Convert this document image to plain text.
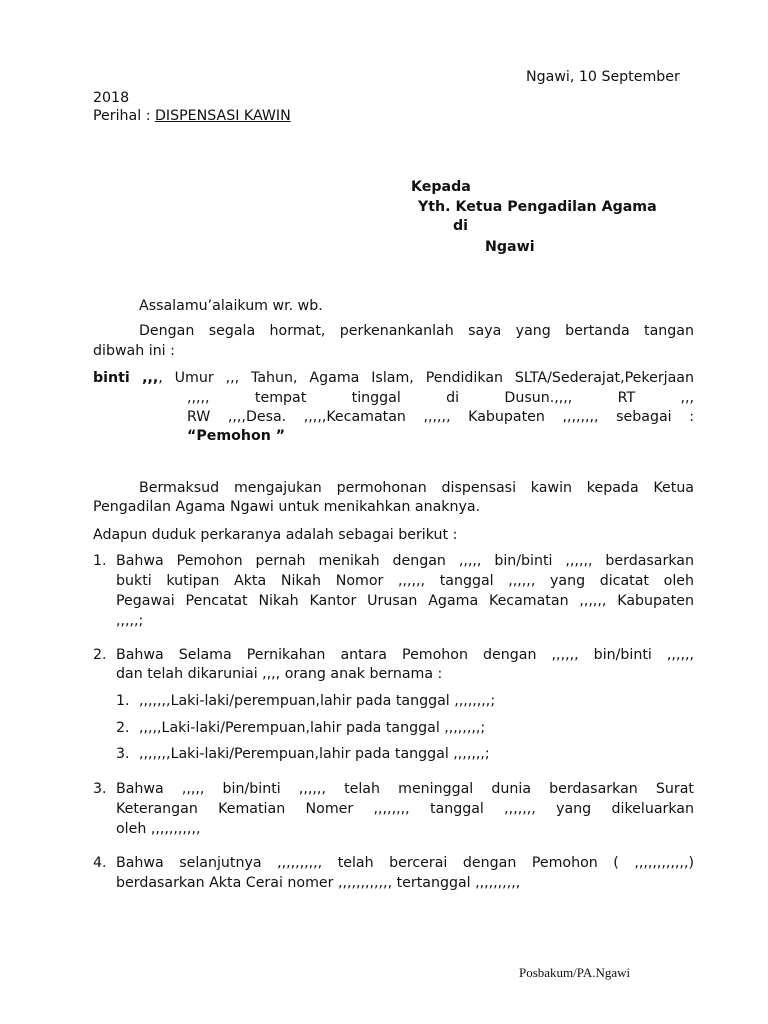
Ngawi, 10 September
2018
Perihal : DISPENSASI KAWIN
Kepada
Yth. Ketua Pengadilan Agama
di
Ngawi
Assalamu’alaikum wr. wb.
Dengan segala hormat, perkenankanlah saya yang bertanda tangan
dibwah ini :
binti ,,,, Umur ,,, Tahun, Agama Islam, Pendidikan SLTA/Sederajat,Pekerjaan
,,,,, tempat tinggal di Dusun.,,,, RT ,,,
RW ,,,,Desa. ,,,,,Kecamatan ,,,,,, Kabupaten ,,,,,,,, sebagai :
“Pemohon ”
Bermaksud mengajukan permohonan dispensasi kawin kepada Ketua
Pengadilan Agama Ngawi untuk menikahkan anaknya.
Adapun duduk perkaranya adalah sebagai berikut :
1. Bahwa Pemohon pernah menikah dengan ,,,,, bin/binti ,,,,,, berdasarkan
bukti kutipan Akta Nikah Nomor ,,,,,, tanggal ,,,,,, yang dicatat oleh
Pegawai Pencatat Nikah Kantor Urusan Agama Kecamatan ,,,,,, Kabupaten
,,,,,;
2. Bahwa Selama Pernikahan antara Pemohon dengan ,,,,,, bin/binti ,,,,,,
dan telah dikaruniai ,,,, orang anak bernama :
1. ,,,,,,,Laki-laki/perempuan,lahir pada tanggal ,,,,,,,,;
2. ,,,,,Laki-laki/Perempuan,lahir pada tanggal ,,,,,,,,;
3. ,,,,,,,Laki-laki/Perempuan,lahir pada tanggal ,,,,,,,;
3. Bahwa ,,,,, bin/binti ,,,,,, telah meninggal dunia berdasarkan Surat
Keterangan Kematian Nomer ,,,,,,,, tanggal ,,,,,,, yang dikeluarkan
oleh ,,,,,,,,,,,
4. Bahwa selanjutnya ,,,,,,,,,, telah bercerai dengan Pemohon ( ,,,,,,,,,,,,)
berdasarkan Akta Cerai nomer ,,,,,,,,,,,, tertanggal ,,,,,,,,,,
Posbakum/PA.Ngawi
